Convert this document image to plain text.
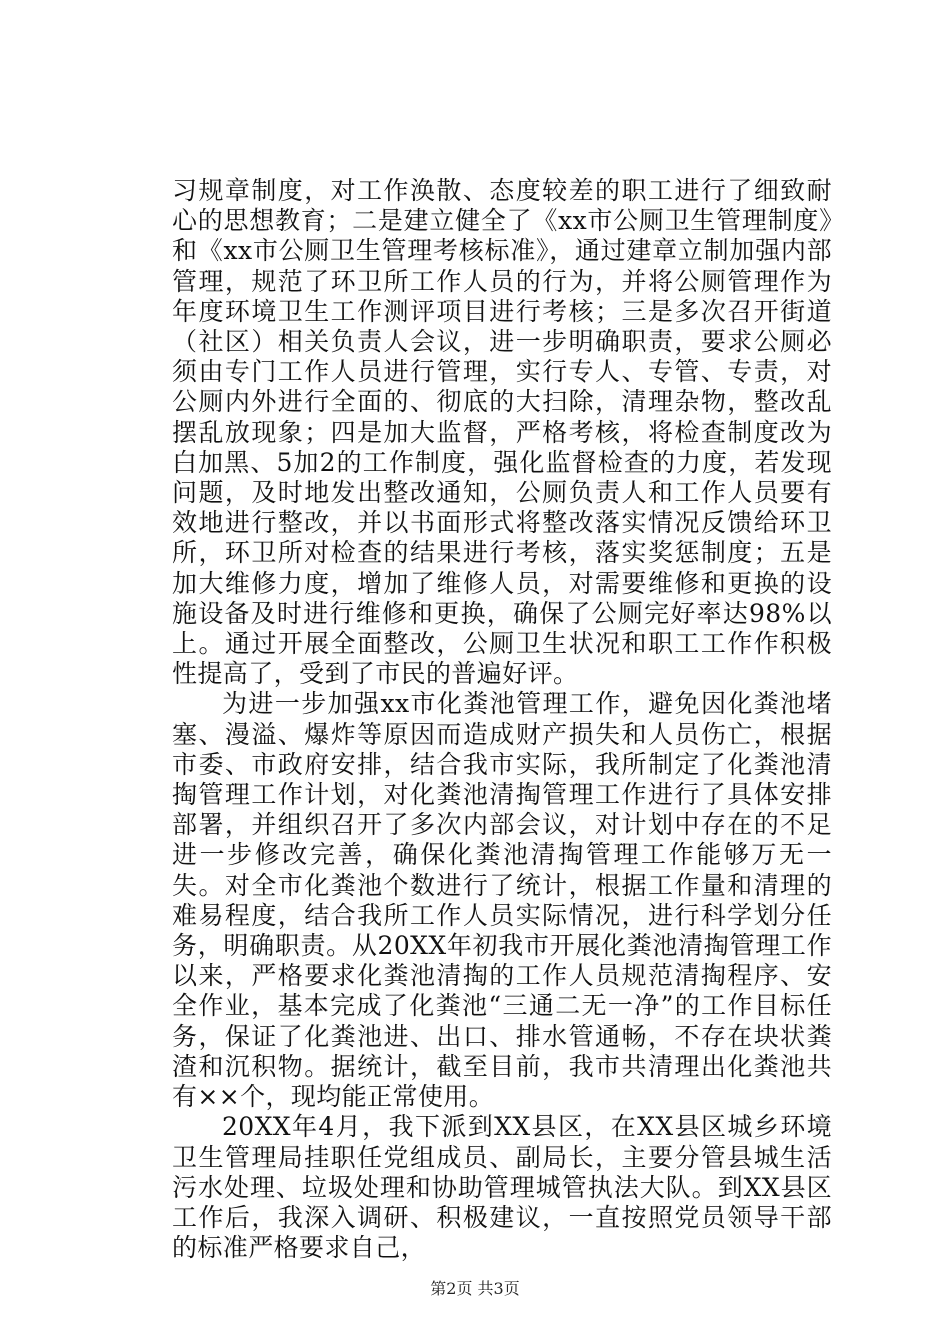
习规章制度，对工作涣散、态度较差的职工进行了细致耐心的思想教育；二是建立健全了《xx市公厕卫生管理制度》和《xx市公厕卫生管理考核标准》，通过建章立制加强内部管理，规范了环卫所工作人员的行为，并将公厕管理作为年度环境卫生工作测评项目进行考核；三是多次召开街道（社区）相关负责人会议，进一步明确职责，要求公厕必须由专门工作人员进行管理，实行专人、专管、专责，对公厕内外进行全面的、彻底的大扫除，清理杂物，整改乱摆乱放现象；四是加大监督，严格考核，将检查制度改为白加黑、5加2的工作制度，强化监督检查的力度，若发现问题，及时地发出整改通知，公厕负责人和工作人员要有效地进行整改，并以书面形式将整改落实情况反馈给环卫所，环卫所对检查的结果进行考核，落实奖惩制度；五是加大维修力度，增加了维修人员，对需要维修和更换的设施设备及时进行维修和更换，确保了公厕完好率达98%以上。通过开展全面整改，公厕卫生状况和职工工作作积极性提高了，受到了市民的普遍好评。

为进一步加强xx市化粪池管理工作，避免因化粪池堵塞、漫溢、爆炸等原因而造成财产损失和人员伤亡，根据市委、市政府安排，结合我市实际，我所制定了化粪池清掏管理工作计划，对化粪池清掏管理工作进行了具体安排部署，并组织召开了多次内部会议，对计划中存在的不足进一步修改完善，确保化粪池清掏管理工作能够万无一失。对全市化粪池个数进行了统计，根据工作量和清理的难易程度，结合我所工作人员实际情况，进行科学划分任务，明确职责。从20XX年初我市开展化粪池清掏管理工作以来，严格要求化粪池清掏的工作人员规范清掏程序、安全作业，基本完成了化粪池“三通二无一净”的工作目标任务，保证了化粪池进、出口、排水管通畅，不存在块状粪渣和沉积物。据统计，截至目前，我市共清理出化粪池共有××个，现均能正常使用。

20XX年4月，我下派到XX县区，在XX县区城乡环境卫生管理局挂职任党组成员、副局长，主要分管县城生活污水处理、垃圾处理和协助管理城管执法大队。到XX县区工作后，我深入调研、积极建议，一直按照党员领导干部的标准严格要求自己，

第2页 共3页
